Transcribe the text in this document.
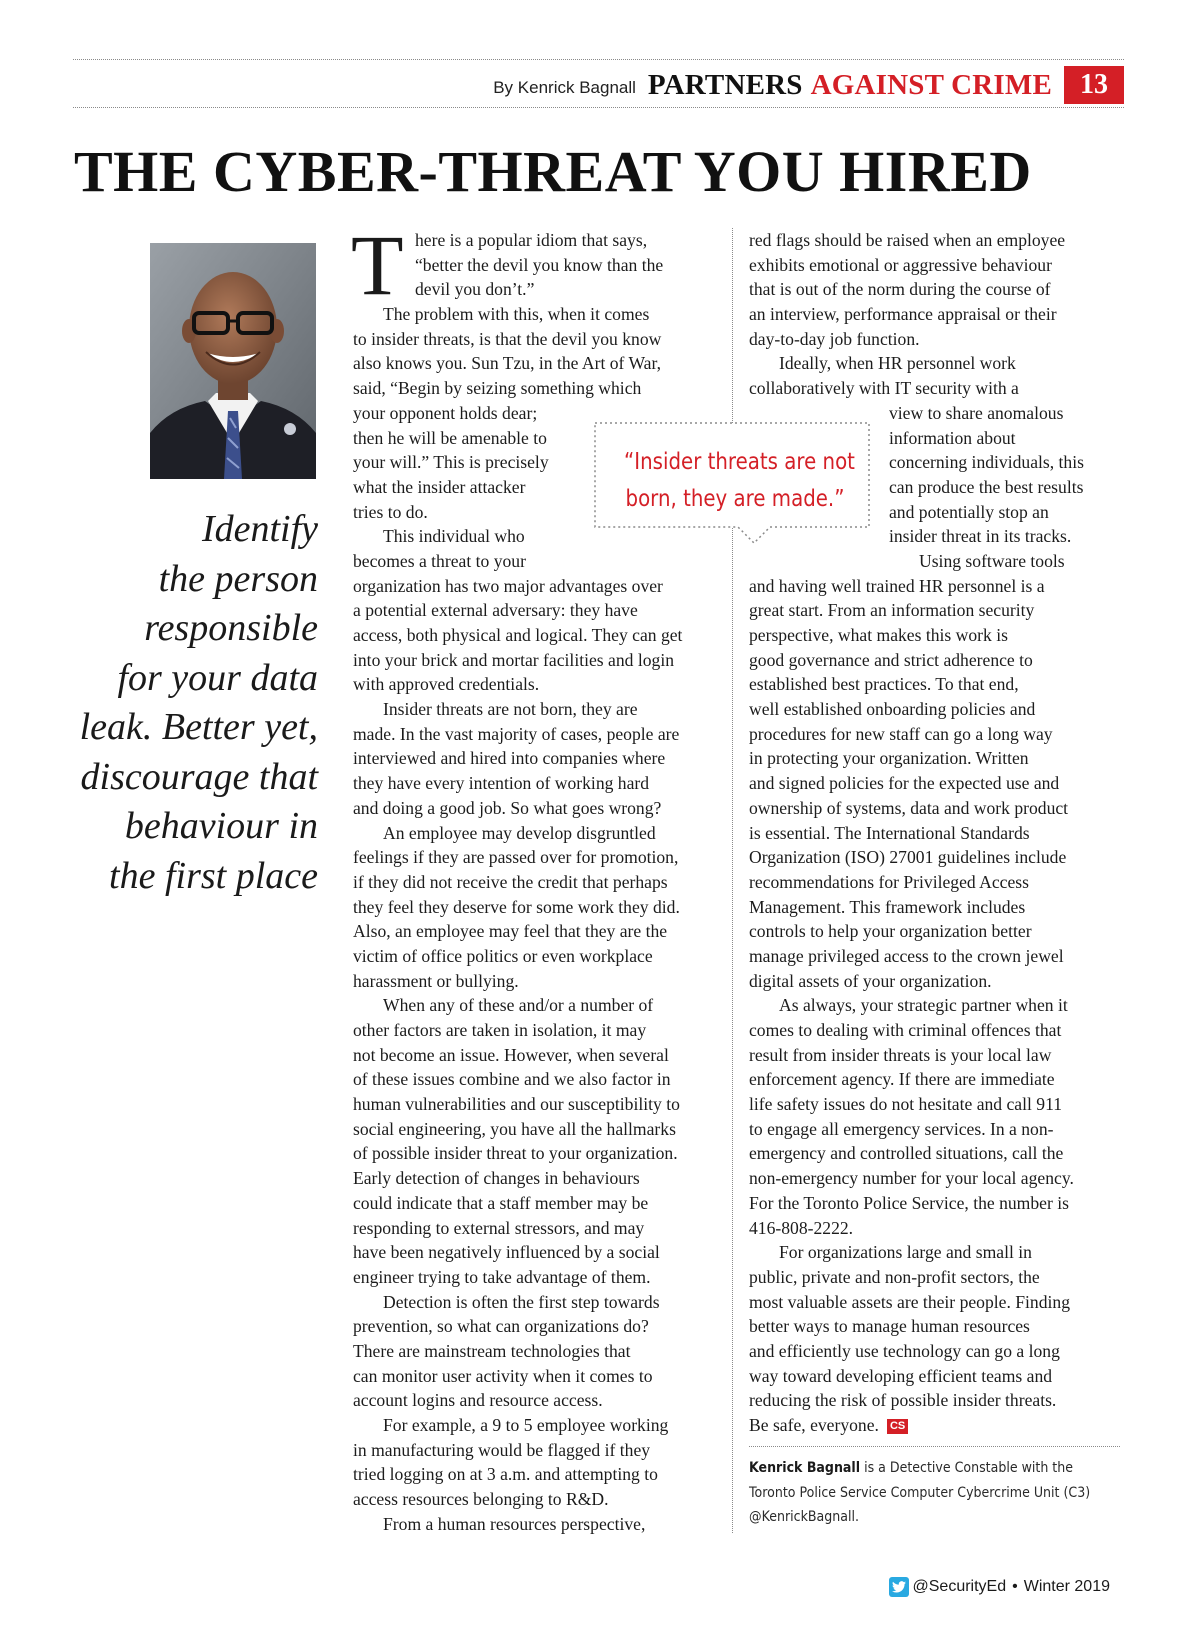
By Kenrick Bagnall PARTNERS AGAINST CRIME	13
THE CYBER-THREAT YOU HIRED
Identify
the person
responsible
for your data
leak. Better yet,
discourage that
behaviour in
the first place
T here is a popular idiom that says,
“better the devil you know than the
devil you don’t.”
The problem with this, when it comes
to insider threats, is that the devil you know
also knows you. Sun Tzu, in the Art of War,
said, “Begin by seizing something which
your opponent holds dear;
then he will be amenable to
your will.” This is precisely
what the insider attacker
tries to do.
This individual who
becomes a threat to your
organization has two major advantages over
a potential external adversary: they have
access, both physical and logical. They can get
into your brick and mortar facilities and login
with approved credentials.
Insider threats are not born, they are
made. In the vast majority of cases, people are
interviewed and hired into companies where
they have every intention of working hard
and doing a good job. So what goes wrong?
An employee may develop disgruntled
feelings if they are passed over for promotion,
if they did not receive the credit that perhaps
they feel they deserve for some work they did.
Also, an employee may feel that they are the
victim of office politics or even workplace
harassment or bullying.
When any of these and/or a number of
other factors are taken in isolation, it may
not become an issue. However, when several
of these issues combine and we also factor in
human vulnerabilities and our susceptibility to
social engineering, you have all the hallmarks
of possible insider threat to your organization.
Early detection of changes in behaviours
could indicate that a staff member may be
responding to external stressors, and may
have been negatively influenced by a social
engineer trying to take advantage of them.
Detection is often the first step towards
prevention, so what can organizations do?
There are mainstream technologies that
can monitor user activity when it comes to
account logins and resource access.
For example, a 9 to 5 employee working
in manufacturing would be flagged if they
tried logging on at 3 a.m. and attempting to
access resources belonging to R&D.
From a human resources perspective,
red flags should be raised when an employee
exhibits emotional or aggressive behaviour
that is out of the norm during the course of
an interview, performance appraisal or their
day-to-day job function.
Ideally, when HR personnel work
collaboratively with IT security with a
view to share anomalous
information about
concerning individuals, this
can produce the best results
and potentially stop an
insider threat in its tracks.
Using software tools
and having well trained HR personnel is a
great start. From an information security
perspective, what makes this work is
good governance and strict adherence to
established best practices. To that end,
well established onboarding policies and
procedures for new staff can go a long way
in protecting your organization. Written
and signed policies for the expected use and
ownership of systems, data and work product
is essential. The International Standards
Organization (ISO) 27001 guidelines include
recommendations for Privileged Access
Management. This framework includes
controls to help your organization better
manage privileged access to the crown jewel
digital assets of your organization.
As always, your strategic partner when it
comes to dealing with criminal offences that
result from insider threats is your local law
enforcement agency. If there are immediate
life safety issues do not hesitate and call 911
to engage all emergency services. In a non-
emergency and controlled situations, call the
non-emergency number for your local agency.
For the Toronto Police Service, the number is
416-808-2222.
For organizations large and small in
public, private and non-profit sectors, the
most valuable assets are their people. Finding
better ways to manage human resources
and efficiently use technology can go a long
way toward developing efficient teams and
reducing the risk of possible insider threats.
Be safe, everyone. CS
“Insider threats are not
born, they are made.”
Kenrick Bagnall is a Detective Constable with the
Toronto Police Service Computer Cybercrime Unit (C3)
@KenrickBagnall.
@SecurityEd • Winter 2019
